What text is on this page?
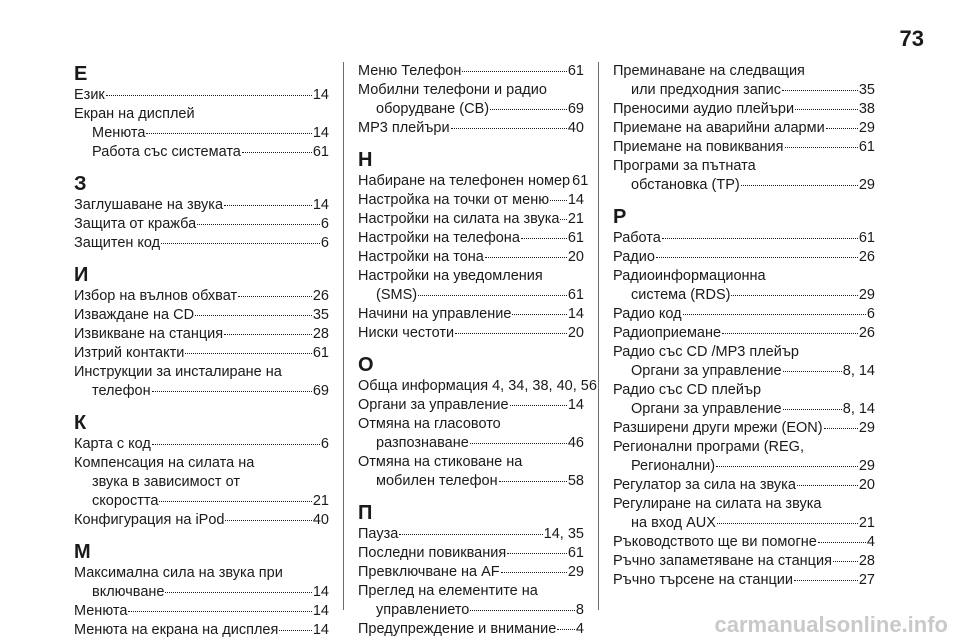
73
Е
Език	14
Екран на дисплей
Менюта	14
Работа със системата	61
З
Заглушаване на звука	14
Защита от кражба	6
Защитен код	6
И
Избор на вълнов обхват	26
Изваждане на CD	35
Извикване на станция	28
Изтрий контакти	61
Инструкции за инсталиране на
телефон	69
К
Карта с код	6
Компенсация на силата на
звука в зависимост от
скоростта	21
Конфигурация на iPod	40
М
Максимална сила на звука при
включване	14
Менюта	14
Менюта на екрана на дисплея 14
Меню Телефон	61
Мобилни телефони и радио
оборудване (CB)	69
MP3 плейъри	40
Н
Набиране на телефонен номер 61
Настройка на точки от меню 14
Настройки на силата на звука 21
Настройки на телефона	61
Настройки на тона	20
Настройки на уведомления
(SMS)	61
Начини на управление	14
Ниски честоти	20
О
Обща информация 4, 34, 38, 40, 56
Органи за управление	14
Отмяна на гласовото
разпознаване	46
Отмяна на стиковане на
мобилен телефон	58
П
Пауза	14, 35
Последни повиквания	61
Превключване на AF	29
Преглед на елементите на
управлението	8
Предупреждение и внимание 4
Преминаване на следващия
или предходния запис	35
Преносими аудио плейъри	38
Приемане на аварийни аларми 29
Приемане на повиквания	61
Програми за пътната
обстановка (TP)	29
Р
Работа	61
Радио	26
Радиоинформационна
система (RDS)	29
Радио код	6
Радиоприемане	26
Радио със CD /MP3 плейър
Органи за управление	8, 14
Радио със CD плейър
Органи за управление	8, 14
Разширени други мрежи (EON)	29
Регионални програми (REG,
Регионални)	29
Регулатор за сила на звука	20
Регулиране на силата на звука
на вход AUX	21
Ръководството ще ви помогне	4
Ръчно запаметяване на станция 28
Ръчно търсене на станции	27
carmanualsonline.info
